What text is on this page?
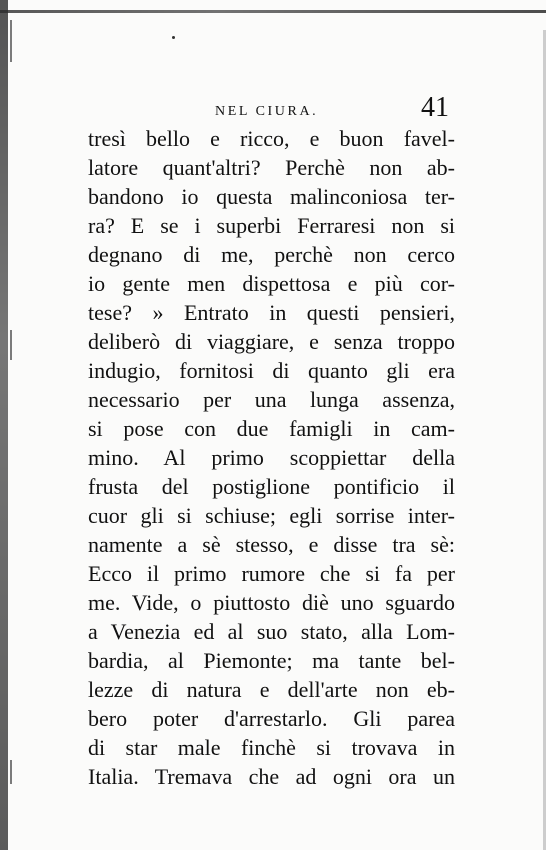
NEL CIURA.	41
tresì bello e ricco, e buon favel-
latore quant'altri? Perchè non ab-
bandono io questa malinconiosa ter-
ra? E se i superbi Ferraresi non si
degnano di me, perchè non cerco
io gente men dispettosa e più cor-
tese? » Entrato in questi pensieri,
deliberò di viaggiare, e senza troppo
indugio, fornitosi di quanto gli era
necessario per una lunga assenza,
si pose con due famigli in cam-
mino. Al primo scoppiettar della
frusta del postiglione pontificio il
cuor gli si schiuse; egli sorrise inter-
namente a sè stesso, e disse tra sè:
Ecco il primo rumore che si fa per
me. Vide, o piuttosto diè uno sguardo
a Venezia ed al suo stato, alla Lom-
bardia, al Piemonte; ma tante bel-
lezze di natura e dell'arte non eb-
bero poter d'arrestarlo. Gli parea
di star male finchè si trovava in
Italia. Tremava che ad ogni ora un
